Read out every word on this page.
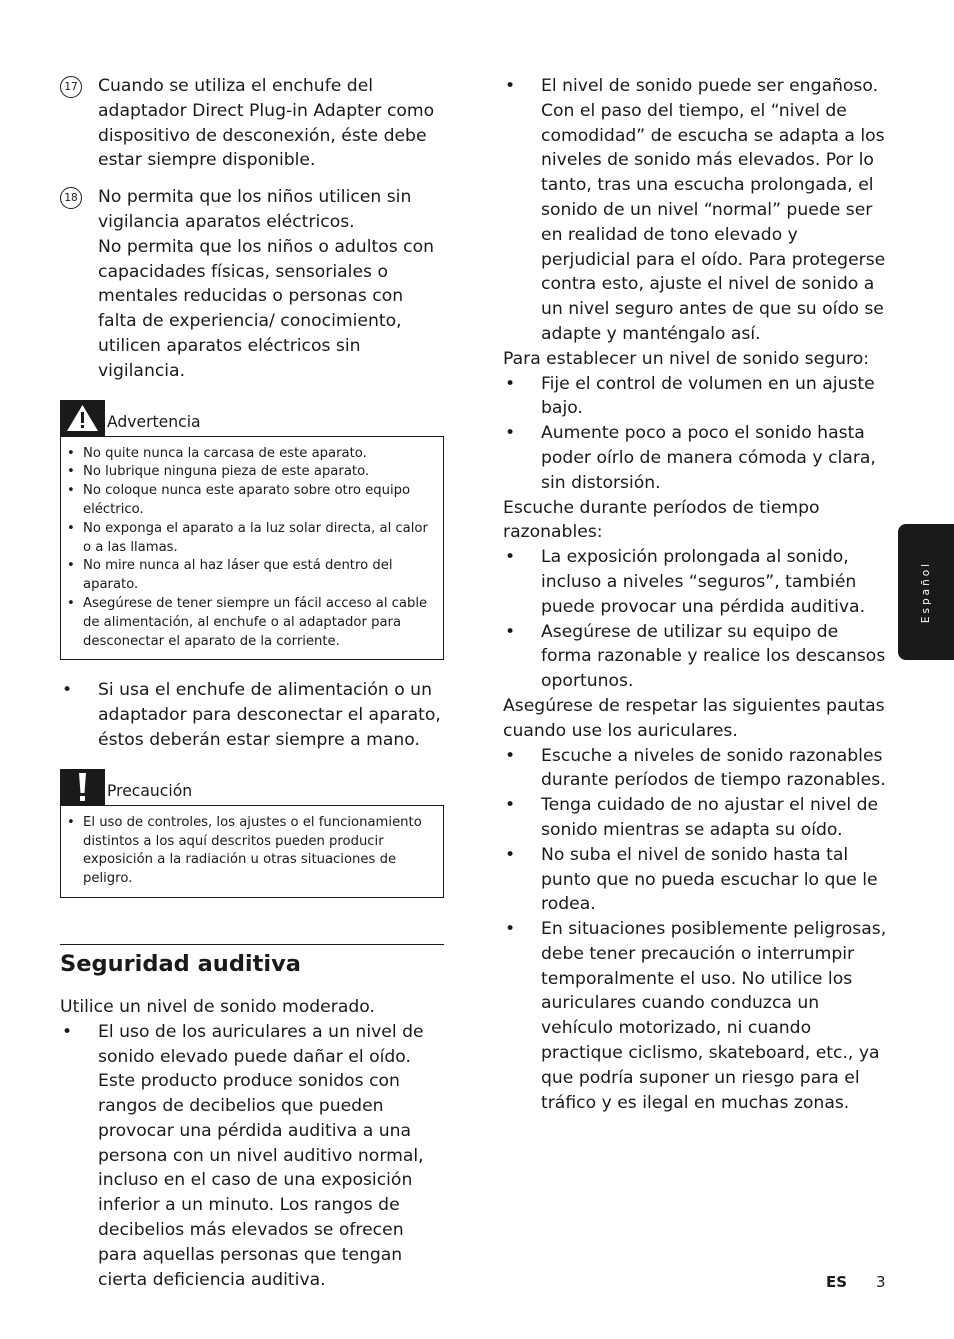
17 Cuando se utiliza el enchufe del adaptador Direct Plug-in Adapter como dispositivo de desconexión, éste debe estar siempre disponible.

18 No permita que los niños utilicen sin vigilancia aparatos eléctricos.

No permita que los niños o adultos con capacidades físicas, sensoriales o mentales reducidas o personas con falta de experiencia/ conocimiento, utilicen aparatos eléctricos sin vigilancia.

Advertencia
• No quite nunca la carcasa de este aparato.
• No lubrique ninguna pieza de este aparato.
• No coloque nunca este aparato sobre otro equipo eléctrico.
• No exponga el aparato a la luz solar directa, al calor o a las llamas.
• No mire nunca al haz láser que está dentro del aparato.
• Asegúrese de tener siempre un fácil acceso al cable de alimentación, al enchufe o al adaptador para desconectar el aparato de la corriente.
• Si usa el enchufe de alimentación o un adaptador para desconectar el aparato, éstos deberán estar siempre a mano.
Precaución
• El uso de controles, los ajustes o el funcionamiento distintos a los aquí descritos pueden producir exposición a la radiación u otras situaciones de peligro.
Seguridad auditiva

Utilice un nivel de sonido moderado.

• El uso de los auriculares a un nivel de sonido elevado puede dañar el oído. Este producto produce sonidos con rangos de decibelios que pueden provocar una pérdida auditiva a una persona con un nivel auditivo normal, incluso en el caso de una exposición inferior a un minuto. Los rangos de decibelios más elevados se ofrecen para aquellas personas que tengan cierta deficiencia auditiva.
• El nivel de sonido puede ser engañoso. Con el paso del tiempo, el “nivel de comodidad” de escucha se adapta a los niveles de sonido más elevados. Por lo tanto, tras una escucha prolongada, el sonido de un nivel “normal” puede ser en realidad de tono elevado y perjudicial para el oído. Para protegerse contra esto, ajuste el nivel de sonido a un nivel seguro antes de que su oído se adapte y manténgalo así.

Para establecer un nivel de sonido seguro:

• Fije el control de volumen en un ajuste bajo.
• Aumente poco a poco el sonido hasta poder oírlo de manera cómoda y clara, sin distorsión.

Escuche durante períodos de tiempo razonables:

• La exposición prolongada al sonido, incluso a niveles “seguros”, también puede provocar una pérdida auditiva.
• Asegúrese de utilizar su equipo de forma razonable y realice los descansos oportunos.

Asegúrese de respetar las siguientes pautas cuando use los auriculares.

• Escuche a niveles de sonido razonables durante períodos de tiempo razonables.
• Tenga cuidado de no ajustar el nivel de sonido mientras se adapta su oído.
• No suba el nivel de sonido hasta tal punto que no pueda escuchar lo que le rodea.
• En situaciones posiblemente peligrosas, debe tener precaución o interrumpir temporalmente el uso. No utilice los auriculares cuando conduzca un vehículo motorizado, ni cuando practique ciclismo, skateboard, etc., ya que podría suponer un riesgo para el tráfico y es ilegal en muchas zonas.
Español
ES 3
